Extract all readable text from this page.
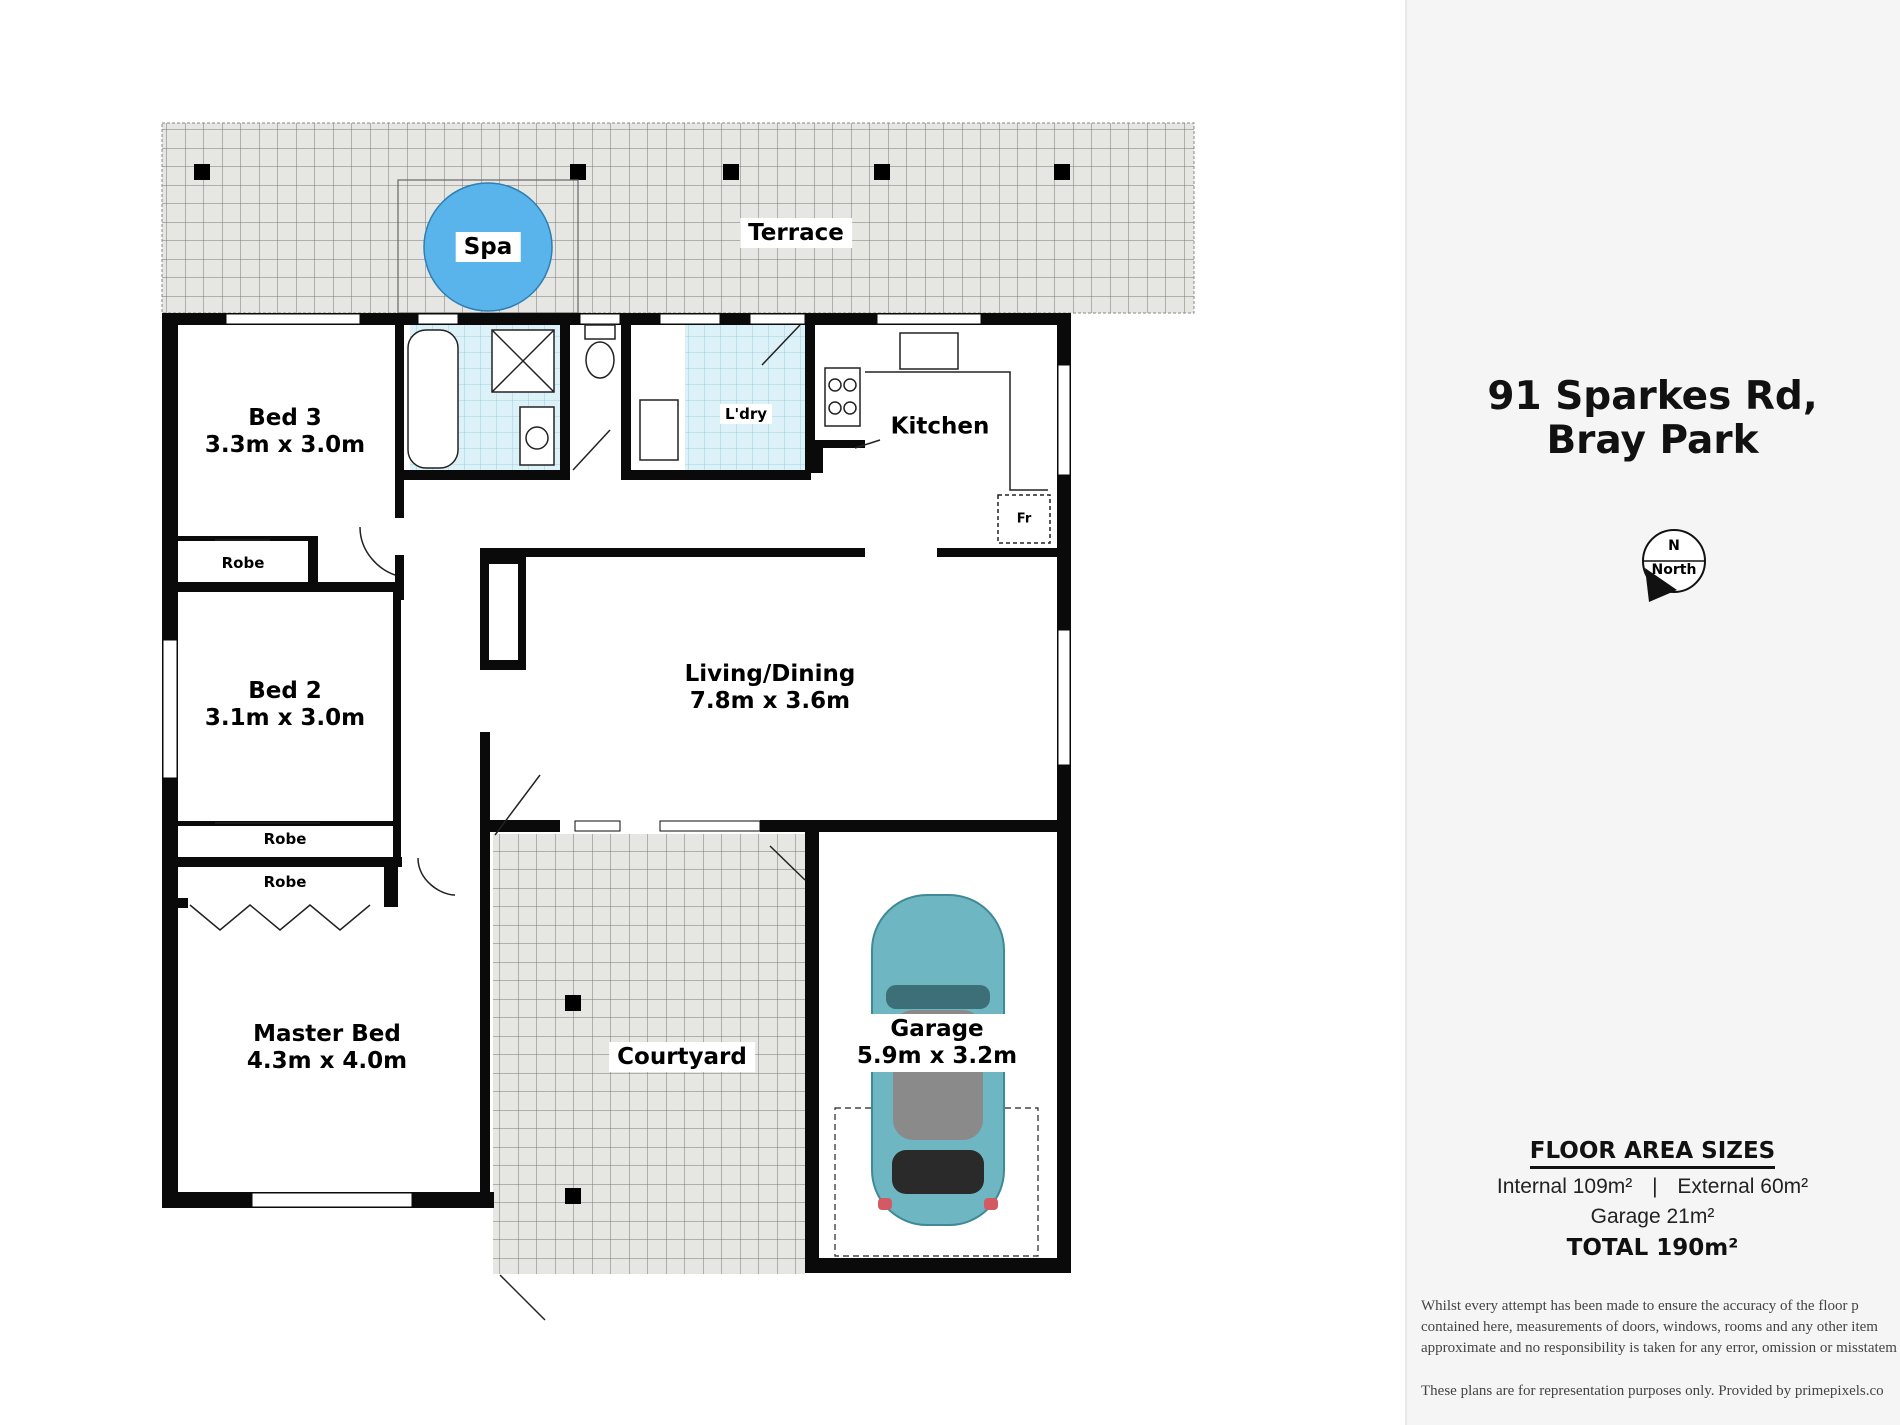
Terrace
Spa
Bed 3
3.3m x 3.0m
Robe
Bed 2
3.1m x 3.0m
Robe
Robe
Master Bed
4.3m x 4.0m
L'dry	Kitchen
Fr
Living/Dining
7.8m x 3.6m
Courtyard
Garage
5.9m x 3.2m
91 Sparkes Rd,
Bray Park
N
North
FLOOR AREA SIZES
Internal 109m² | External 60m²
Garage 21m²
TOTAL 190m²
Whilst every attempt has been made to ensure the accuracy of the floor p
contained here, measurements of doors, windows, rooms and any other item
approximate and no responsibility is taken for any error, omission or misstatem
These plans are for representation purposes only. Provided by primepixels.co
